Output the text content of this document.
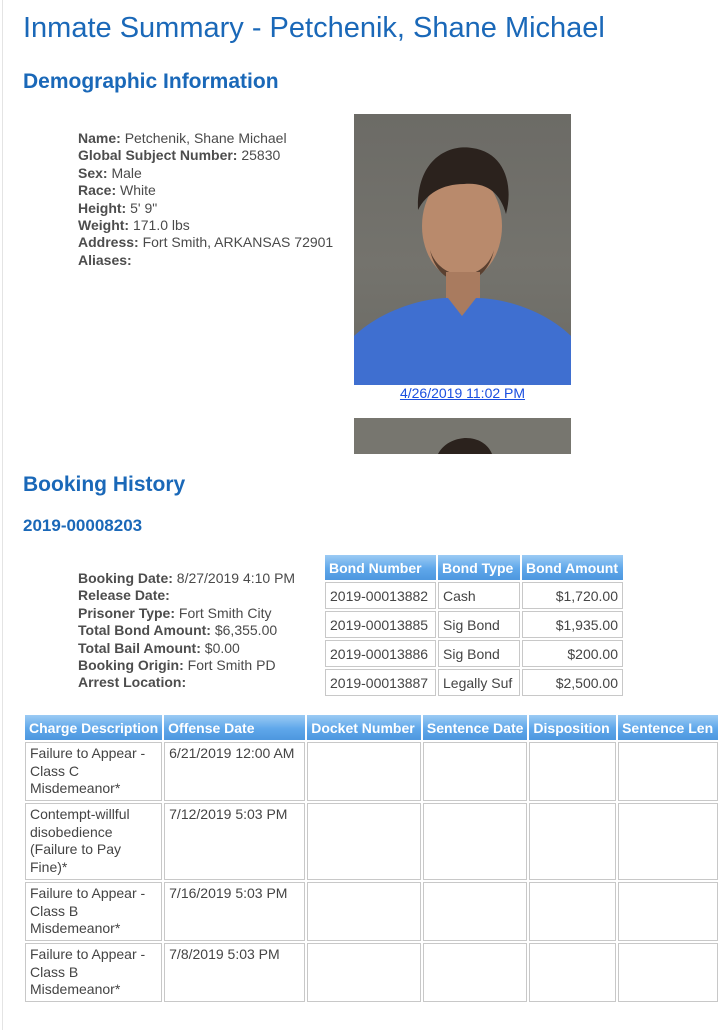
Inmate Summary - Petchenik, Shane Michael
Demographic Information
Name: Petchenik, Shane Michael
Global Subject Number: 25830
Sex: Male
Race: White
Height: 5' 9"
Weight: 171.0 lbs
Address: Fort Smith, ARKANSAS 72901
Aliases:
4/26/2019 11:02 PM
Booking History
2019-00008203
Booking Date: 8/27/2019 4:10 PM
Release Date:
Prisoner Type: Fort Smith City
Total Bond Amount: $6,355.00
Total Bail Amount: $0.00
Booking Origin: Fort Smith PD
Arrest Location:
Bond Number	Bond Type	Bond Amount
2019-00013882	Cash	$1,720.00
2019-00013885	Sig Bond	$1,935.00
2019-00013886	Sig Bond	$200.00
2019-00013887	Legally Suf	$2,500.00
Charge Description	Offense Date	Docket Number	Sentence Date	Disposition	Sentence Len
Failure to Appear - Class C Misdemeanor*	6/21/2019 12:00 AM				
Contempt-willful disobedience (Failure to Pay Fine)*	7/12/2019 5:03 PM				
Failure to Appear - Class B Misdemeanor*	7/16/2019 5:03 PM				
Failure to Appear - Class B Misdemeanor*	7/8/2019 5:03 PM				
